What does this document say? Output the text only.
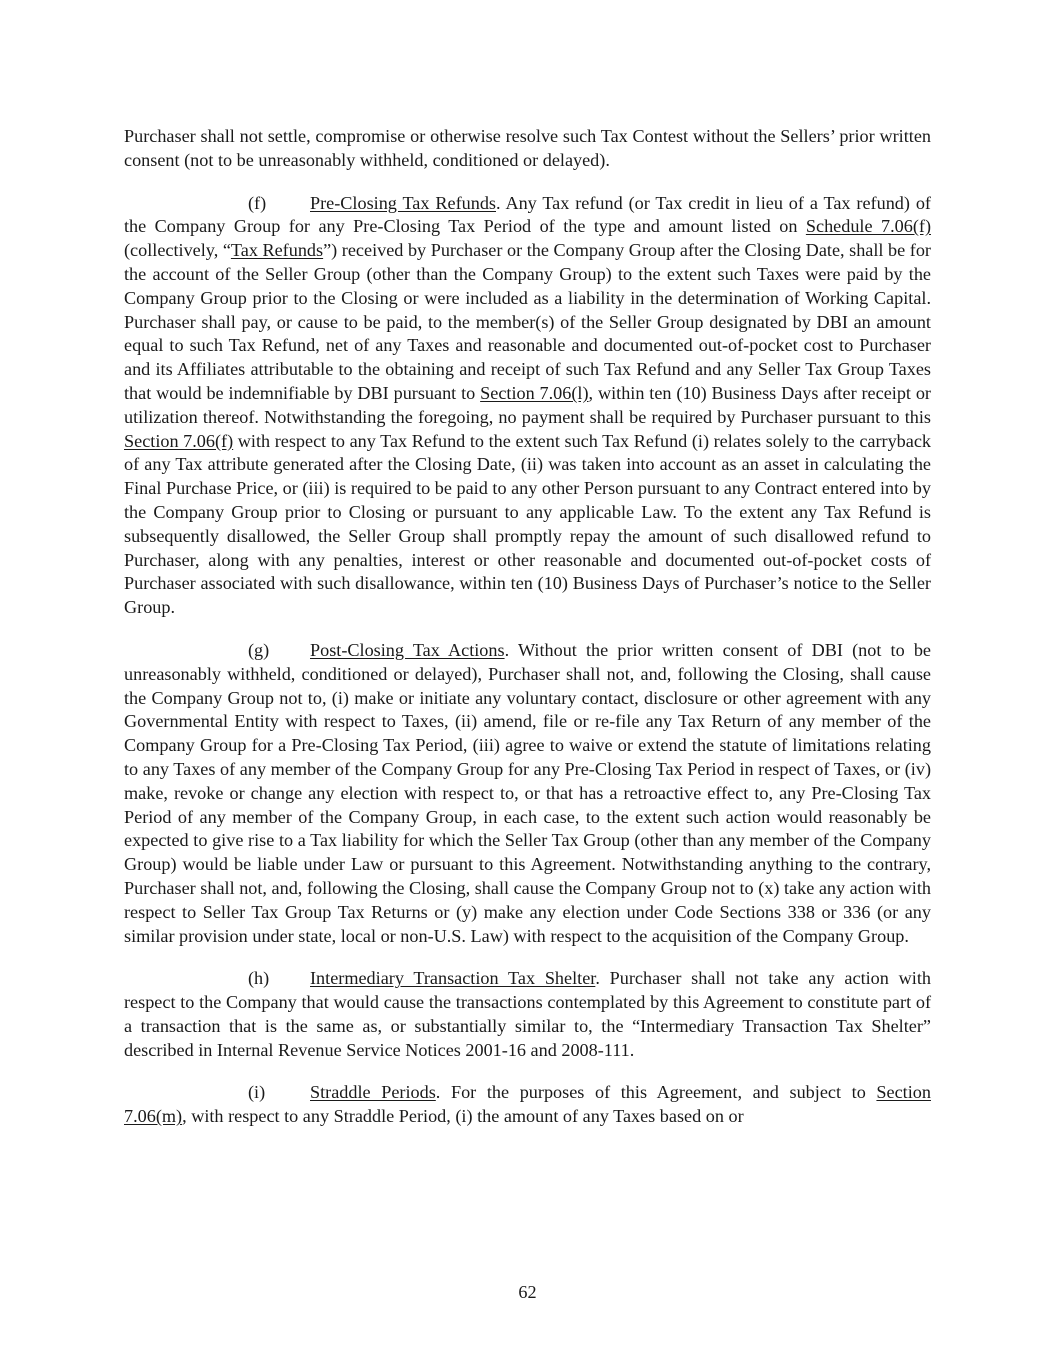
Purchaser shall not settle, compromise or otherwise resolve such Tax Contest without the Sellers’ prior written consent (not to be unreasonably withheld, conditioned or delayed).

(f) Pre-Closing Tax Refunds. Any Tax refund (or Tax credit in lieu of a Tax refund) of the Company Group for any Pre-Closing Tax Period of the type and amount listed on Schedule 7.06(f) (collectively, “Tax Refunds”) received by Purchaser or the Company Group after the Closing Date, shall be for the account of the Seller Group (other than the Company Group) to the extent such Taxes were paid by the Company Group prior to the Closing or were included as a liability in the determination of Working Capital. Purchaser shall pay, or cause to be paid, to the member(s) of the Seller Group designated by DBI an amount equal to such Tax Refund, net of any Taxes and reasonable and documented out-of-pocket cost to Purchaser and its Affiliates attributable to the obtaining and receipt of such Tax Refund and any Seller Tax Group Taxes that would be indemnifiable by DBI pursuant to Section 7.06(l), within ten (10) Business Days after receipt or utilization thereof. Notwithstanding the foregoing, no payment shall be required by Purchaser pursuant to this Section 7.06(f) with respect to any Tax Refund to the extent such Tax Refund (i) relates solely to the carryback of any Tax attribute generated after the Closing Date, (ii) was taken into account as an asset in calculating the Final Purchase Price, or (iii) is required to be paid to any other Person pursuant to any Contract entered into by the Company Group prior to Closing or pursuant to any applicable Law. To the extent any Tax Refund is subsequently disallowed, the Seller Group shall promptly repay the amount of such disallowed refund to Purchaser, along with any penalties, interest or other reasonable and documented out-of-pocket costs of Purchaser associated with such disallowance, within ten (10) Business Days of Purchaser’s notice to the Seller Group.

(g) Post-Closing Tax Actions. Without the prior written consent of DBI (not to be unreasonably withheld, conditioned or delayed), Purchaser shall not, and, following the Closing, shall cause the Company Group not to, (i) make or initiate any voluntary contact, disclosure or other agreement with any Governmental Entity with respect to Taxes, (ii) amend, file or re-file any Tax Return of any member of the Company Group for a Pre-Closing Tax Period, (iii) agree to waive or extend the statute of limitations relating to any Taxes of any member of the Company Group for any Pre-Closing Tax Period in respect of Taxes, or (iv) make, revoke or change any election with respect to, or that has a retroactive effect to, any Pre-Closing Tax Period of any member of the Company Group, in each case, to the extent such action would reasonably be expected to give rise to a Tax liability for which the Seller Tax Group (other than any member of the Company Group) would be liable under Law or pursuant to this Agreement. Notwithstanding anything to the contrary, Purchaser shall not, and, following the Closing, shall cause the Company Group not to (x) take any action with respect to Seller Tax Group Tax Returns or (y) make any election under Code Sections 338 or 336 (or any similar provision under state, local or non-U.S. Law) with respect to the acquisition of the Company Group.

(h) Intermediary Transaction Tax Shelter. Purchaser shall not take any action with respect to the Company that would cause the transactions contemplated by this Agreement to constitute part of a transaction that is the same as, or substantially similar to, the “Intermediary Transaction Tax Shelter” described in Internal Revenue Service Notices 2001-16 and 2008-111.

(i) Straddle Periods. For the purposes of this Agreement, and subject to Section 7.06(m), with respect to any Straddle Period, (i) the amount of any Taxes based on or

62
